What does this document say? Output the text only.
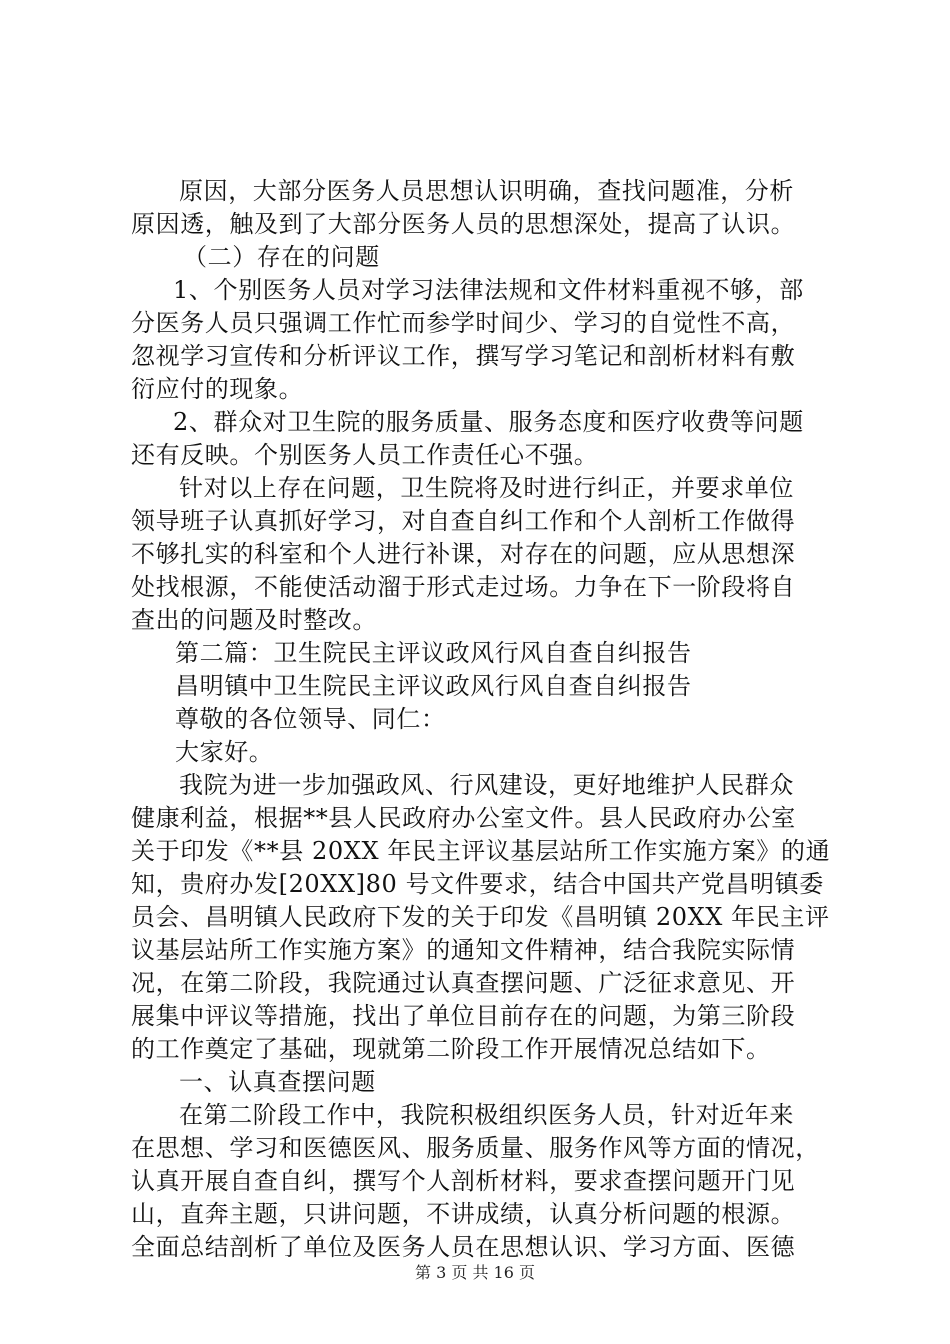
原因，大部分医务人员思想认识明确，查找问题准，分析
原因透，触及到了大部分医务人员的思想深处，提高了认识。
（二）存在的问题
1、个别医务人员对学习法律法规和文件材料重视不够，部
分医务人员只强调工作忙而参学时间少、学习的自觉性不高，
忽视学习宣传和分析评议工作，撰写学习笔记和剖析材料有敷
衍应付的现象。
2、群众对卫生院的服务质量、服务态度和医疗收费等问题
还有反映。个别医务人员工作责任心不强。
针对以上存在问题，卫生院将及时进行纠正，并要求单位
领导班子认真抓好学习，对自查自纠工作和个人剖析工作做得
不够扎实的科室和个人进行补课，对存在的问题，应从思想深
处找根源，不能使活动溜于形式走过场。力争在下一阶段将自
查出的问题及时整改。
第二篇：卫生院民主评议政风行风自查自纠报告
昌明镇中卫生院民主评议政风行风自查自纠报告
尊敬的各位领导、同仁：
大家好。
我院为进一步加强政风、行风建设，更好地维护人民群众
健康利益，根据**县人民政府办公室文件。县人民政府办公室
关于印发《**县 20XX 年民主评议基层站所工作实施方案》的通
知，贵府办发[20XX]80 号文件要求，结合中国共产党昌明镇委
员会、昌明镇人民政府下发的关于印发《昌明镇 20XX 年民主评
议基层站所工作实施方案》的通知文件精神，结合我院实际情
况，在第二阶段，我院通过认真查摆问题、广泛征求意见、开
展集中评议等措施，找出了单位目前存在的问题，为第三阶段
的工作奠定了基础，现就第二阶段工作开展情况总结如下。
一、认真查摆问题
在第二阶段工作中，我院积极组织医务人员，针对近年来
在思想、学习和医德医风、服务质量、服务作风等方面的情况，
认真开展自查自纠，撰写个人剖析材料，要求查摆问题开门见
山，直奔主题，只讲问题，不讲成绩，认真分析问题的根源。
全面总结剖析了单位及医务人员在思想认识、学习方面、医德
第 3 页 共 16 页
